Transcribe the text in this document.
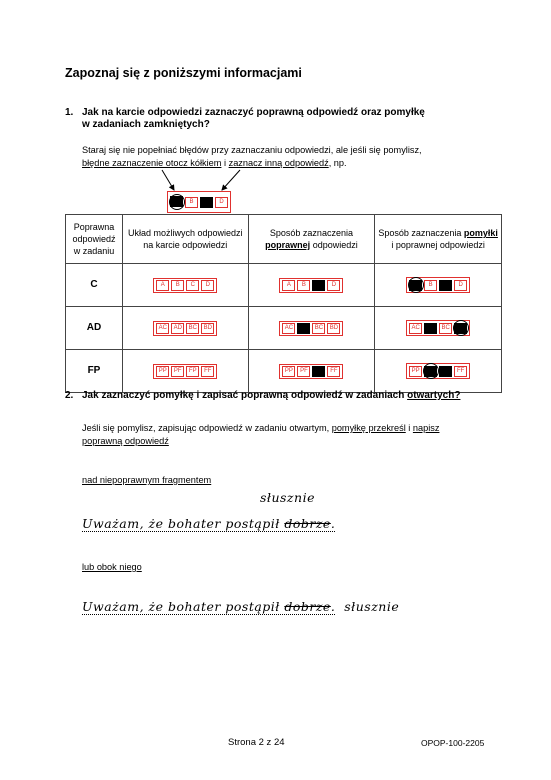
Zapoznaj się z poniższymi informacjami
1. Jak na karcie odpowiedzi zaznaczyć poprawną odpowiedź oraz pomyłkę
w zadaniach zamkniętych?
Staraj się nie popełniać błędów przy zaznaczaniu odpowiedzi, ale jeśli się pomylisz,
błędne zaznaczenie otocz kółkiem i zaznacz inną odpowiedź, np.
B	D
Poprawna odpowiedź w zadaniu	Układ możliwych odpowiedzi na karcie odpowiedzi	Sposób zaznaczenia poprawnej odpowiedzi	Sposób zaznaczenia pomyłki i poprawnej odpowiedzi
C	A B C D	A B D	B D

AD	AC AD BC BD	AC BC BD	AC BC

FP	PP PF FP FF	PP PF FF	PP FF
2. Jak zaznaczyć pomyłkę i zapisać poprawną odpowiedź w zadaniach otwartych?
Jeśli się pomylisz, zapisując odpowiedź w zadaniu otwartym, pomyłkę przekreśl i napisz
poprawną odpowiedź
nad niepoprawnym fragmentem
słusznie
Uważam, że bohater postąpił dobrze.
lub obok niego
Uważam, że bohater postąpił dobrze. słusznie
Strona 2 z 24	OPOP-100-2205
